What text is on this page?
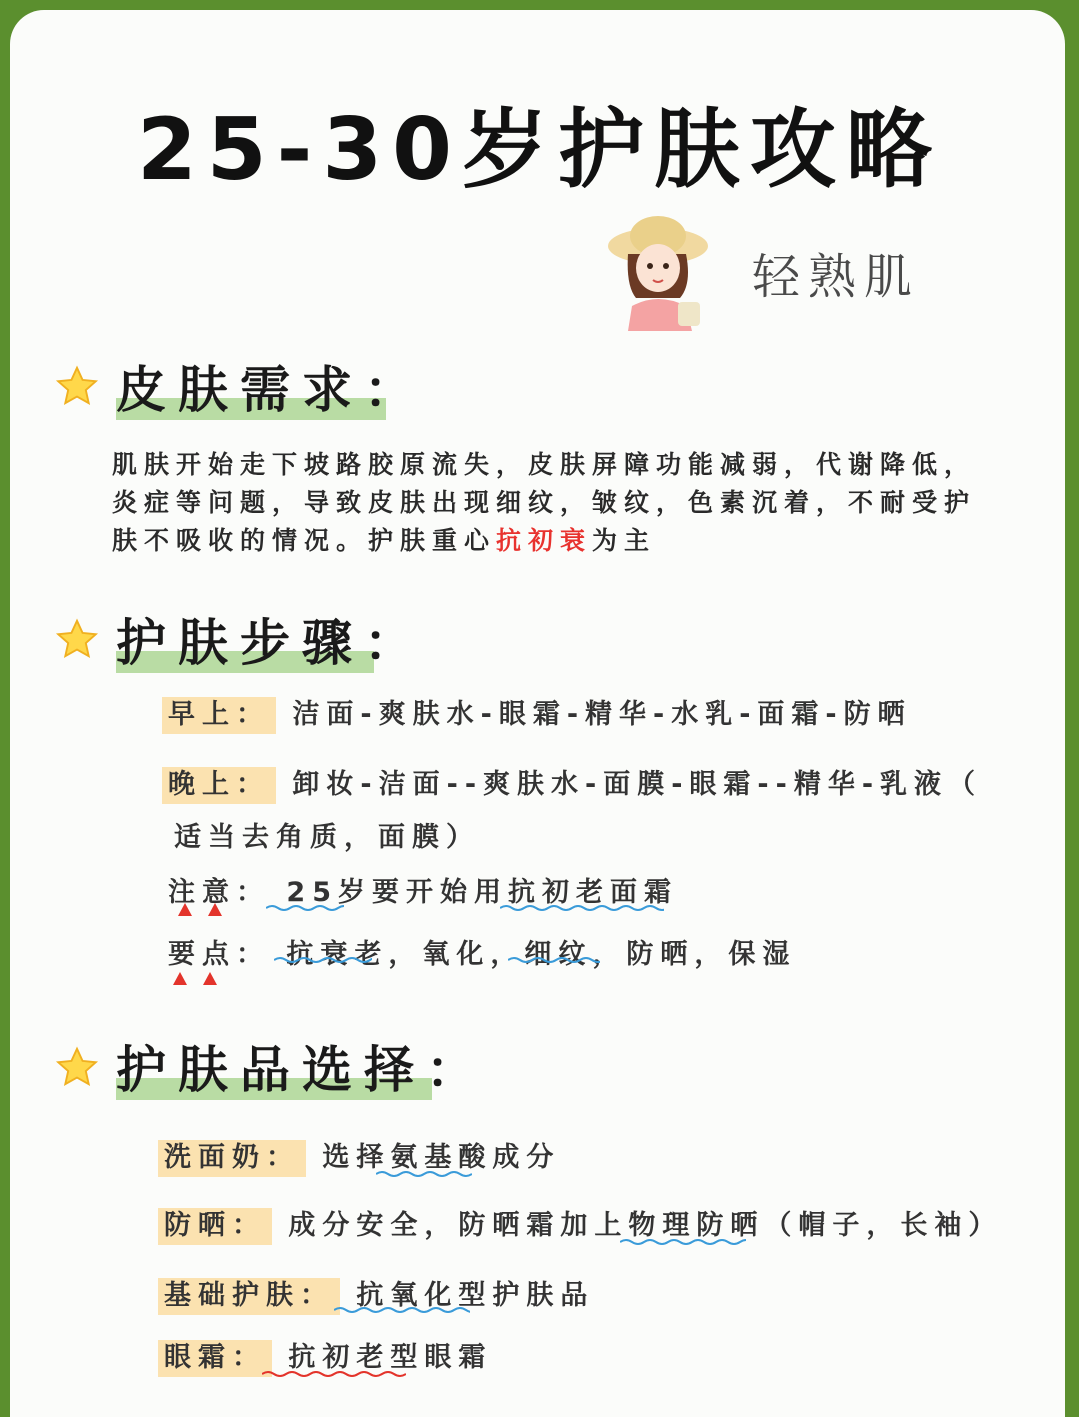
25-30岁护肤攻略
轻熟肌
皮肤需求：
肌肤开始走下坡路胶原流失，皮肤屏障功能减弱，代谢降低，炎症等问题，导致皮肤出现细纹，皱纹，色素沉着，不耐受护肤不吸收的情况。护肤重心抗初衰为主
护肤步骤：
早上： 洁面-爽肤水-眼霜-精华-水乳-面霜-防晒
晚上： 卸妆-洁面--爽肤水-面膜-眼霜--精华-乳液（
适当去角质，面膜）
注意： 25岁要开始用抗初老面霜
要点： 抗衰老，氧化，细纹，防晒，保湿
护肤品选择：
洗面奶： 选择氨基酸成分
防晒： 成分安全，防晒霜加上物理防晒（帽子，长袖）
基础护肤： 抗氧化型护肤品
眼霜： 抗初老型眼霜
